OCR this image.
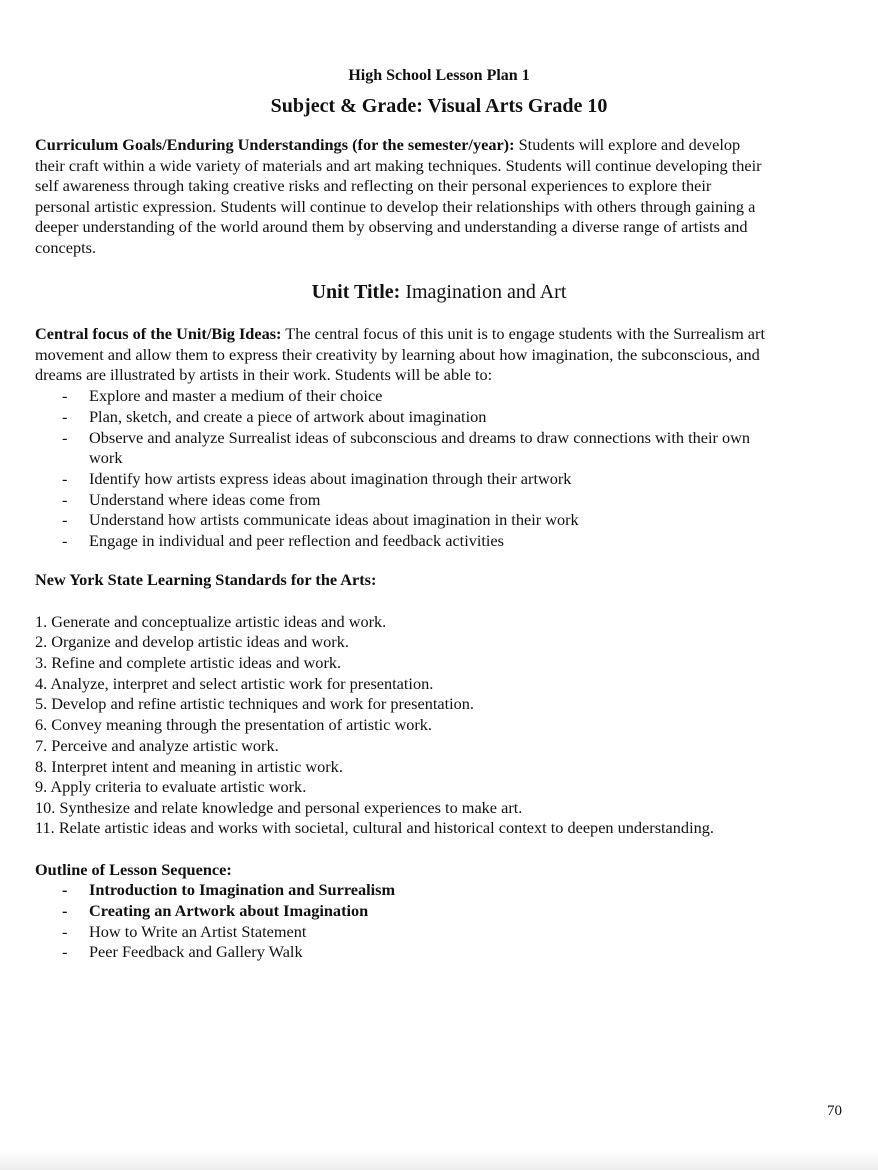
High School Lesson Plan 1
Subject & Grade: Visual Arts Grade 10
Curriculum Goals/Enduring Understandings (for the semester/year): Students will explore and develop
their craft within a wide variety of materials and art making techniques. Students will continue developing their
self awareness through taking creative risks and reflecting on their personal experiences to explore their
personal artistic expression. Students will continue to develop their relationships with others through gaining a
deeper understanding of the world around them by observing and understanding a diverse range of artists and
concepts.
Unit Title: Imagination and Art
Central focus of the Unit/Big Ideas: The central focus of this unit is to engage students with the Surrealism art
movement and allow them to express their creativity by learning about how imagination, the subconscious, and
dreams are illustrated by artists in their work. Students will be able to:
- Explore and master a medium of their choice
- Plan, sketch, and create a piece of artwork about imagination
- Observe and analyze Surrealist ideas of subconscious and dreams to draw connections with their own
work
- Identify how artists express ideas about imagination through their artwork
- Understand where ideas come from
- Understand how artists communicate ideas about imagination in their work
- Engage in individual and peer reflection and feedback activities
New York State Learning Standards for the Arts:
1. Generate and conceptualize artistic ideas and work.
2. Organize and develop artistic ideas and work.
3. Refine and complete artistic ideas and work.
4. Analyze, interpret and select artistic work for presentation.
5. Develop and refine artistic techniques and work for presentation.
6. Convey meaning through the presentation of artistic work.
7. Perceive and analyze artistic work.
8. Interpret intent and meaning in artistic work.
9. Apply criteria to evaluate artistic work.
10. Synthesize and relate knowledge and personal experiences to make art.
11. Relate artistic ideas and works with societal, cultural and historical context to deepen understanding.
Outline of Lesson Sequence:
- Introduction to Imagination and Surrealism
- Creating an Artwork about Imagination
- How to Write an Artist Statement
- Peer Feedback and Gallery Walk
70
